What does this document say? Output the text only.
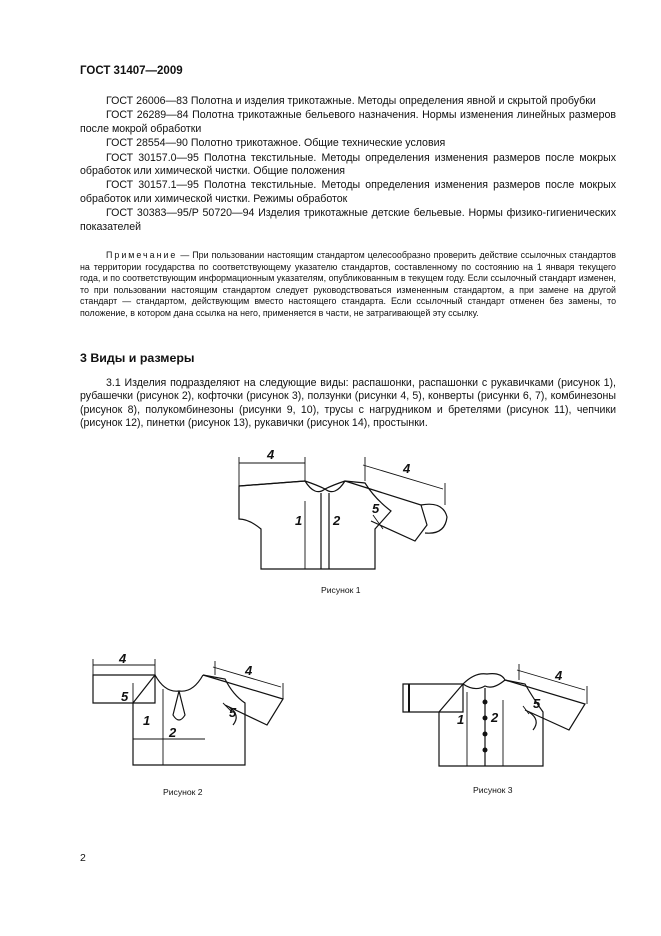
ГОСТ 31407—2009

ГОСТ 26006—83 Полотна и изделия трикотажные. Методы определения явной и скрытой пробубки

ГОСТ 26289—84 Полотна трикотажные бельевого назначения. Нормы изменения линейных размеров после мокрой обработки

ГОСТ 28554—90 Полотно трикотажное. Общие технические условия

ГОСТ 30157.0—95 Полотна текстильные. Методы определения изменения размеров после мокрых обработок или химической чистки. Общие положения

ГОСТ 30157.1—95 Полотна текстильные. Методы определения изменения размеров после мокрых обработок или химической чистки. Режимы обработок

ГОСТ 30383—95/Р 50720—94 Изделия трикотажные детские бельевые. Нормы физико-гигиенических показателей

Примечание — При пользовании настоящим стандартом целесообразно проверить действие ссылочных стандартов на территории государства по соответствующему указателю стандартов, составленному по состоянию на 1 января текущего года, и по соответствующим информационным указателям, опубликованным в текущем году. Если ссылочный стандарт изменен, то при пользовании настоящим стандартом следует руководствоваться измененным стандартом, а при замене на другой стандарт — стандартом, действующим вместо настоящего стандарта. Если ссылочный стандарт отменен без замены, то положение, в котором дана ссылка на него, применяется в части, не затрагивающей эту ссылку.
3 Виды и размеры
3.1 Изделия подразделяют на следующие виды: распашонки, распашонки с рукавичками (рисунок 1), рубашечки (рисунок 2), кофточки (рисунок 3), ползунки (рисунки 4, 5), конверты (рисунки 6, 7), комбинезоны (рисунок 8), полукомбинезоны (рисунки 9, 10), трусы с нагрудником и бретелями (рисунок 11), чепчики (рисунок 12), пинетки (рисунок 13), рукавички (рисунок 14), простынки.
4
4
5
1 2
Рисунок 1
4
4
5
5
1
2
Рисунок 2
4
5
1 2
Рисунок 3
2
